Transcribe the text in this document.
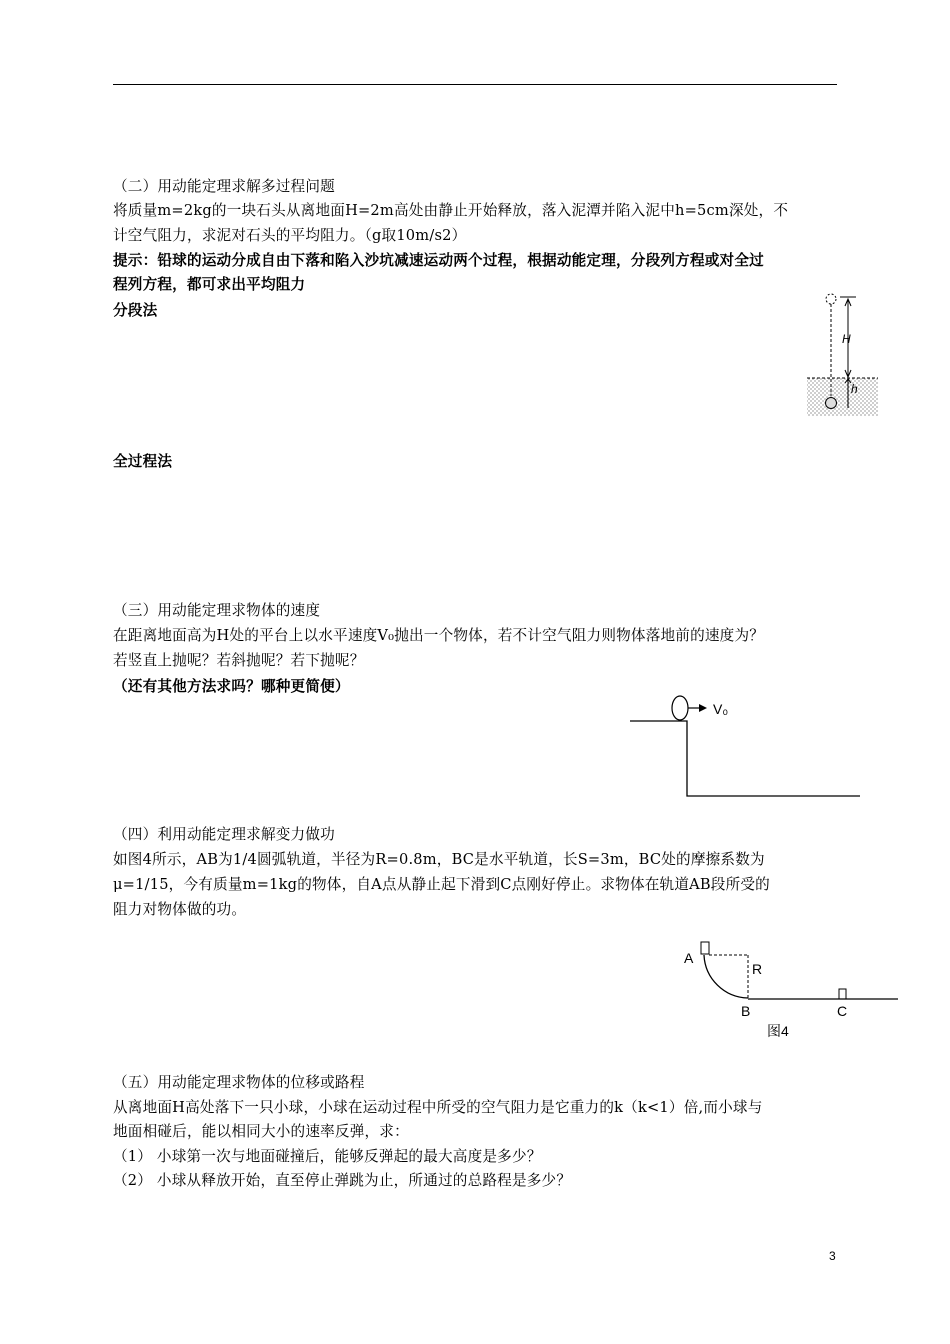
（二）用动能定理求解多过程问题
将质量m=2kg的一块石头从离地面H=2m高处由静止开始释放，落入泥潭并陷入泥中h=5cm深处，不
计空气阻力，求泥对石头的平均阻力。（g取10m/s2）
提示：铅球的运动分成自由下落和陷入沙坑减速运动两个过程，根据动能定理，分段列方程或对全过
程列方程，都可求出平均阻力
分段法
全过程法
H
h
（三）用动能定理求物体的速度
在距离地面高为H处的平台上以水平速度V₀抛出一个物体，若不计空气阻力则物体落地前的速度为？
若竖直上抛呢？若斜抛呢？若下抛呢？
（还有其他方法求吗？哪种更简便）
V₀
（四）利用动能定理求解变力做功
如图4所示，AB为1/4圆弧轨道，半径为R=0.8m，BC是水平轨道，长S=3m，BC处的摩擦系数为
μ=1/15，今有质量m=1kg的物体，自A点从静止起下滑到C点刚好停止。求物体在轨道AB段所受的
阻力对物体做的功。
A
R
B	C
图4
（五）用动能定理求物体的位移或路程
从离地面H高处落下一只小球，小球在运动过程中所受的空气阻力是它重力的k（k<1）倍,而小球与
地面相碰后，能以相同大小的速率反弹，求：
（1） 小球第一次与地面碰撞后，能够反弹起的最大高度是多少？
（2） 小球从释放开始，直至停止弹跳为止，所通过的总路程是多少？
3
